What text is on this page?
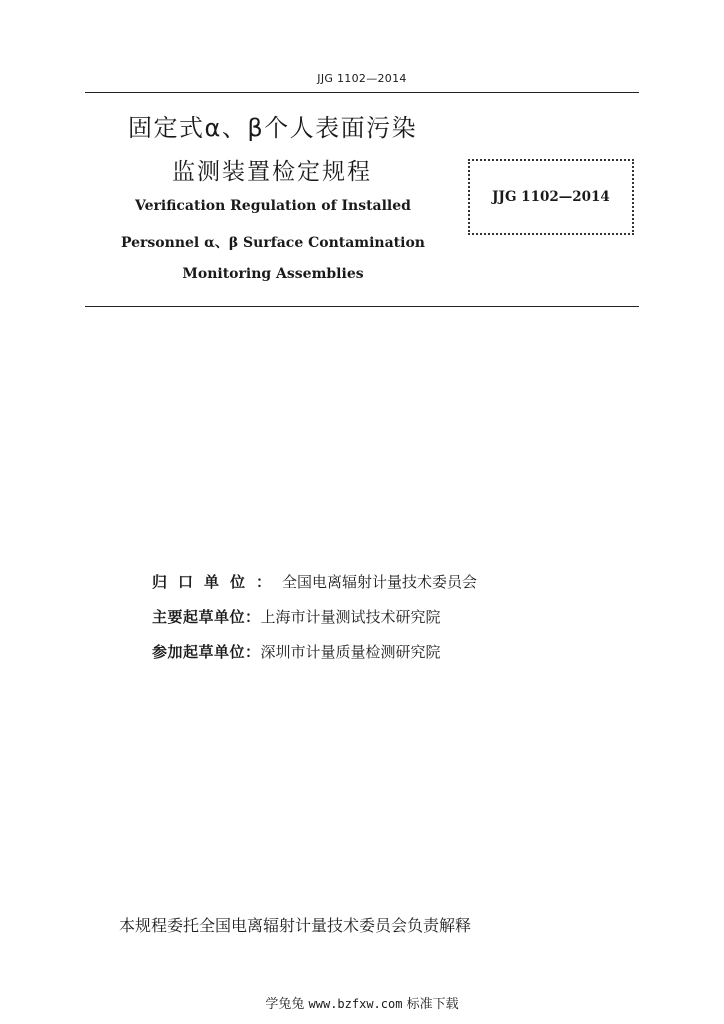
JJG 1102—2014
固定式α、β个人表面污染
监测装置检定规程
Verification Regulation of Installed
Personnel α、β Surface Contamination
Monitoring Assemblies
JJG 1102—2014
归口单位：全国电离辐射计量技术委员会
主要起草单位：上海市计量测试技术研究院
参加起草单位：深圳市计量质量检测研究院
本规程委托全国电离辐射计量技术委员会负责解释
学兔兔 www.bzfxw.com 标准下载
